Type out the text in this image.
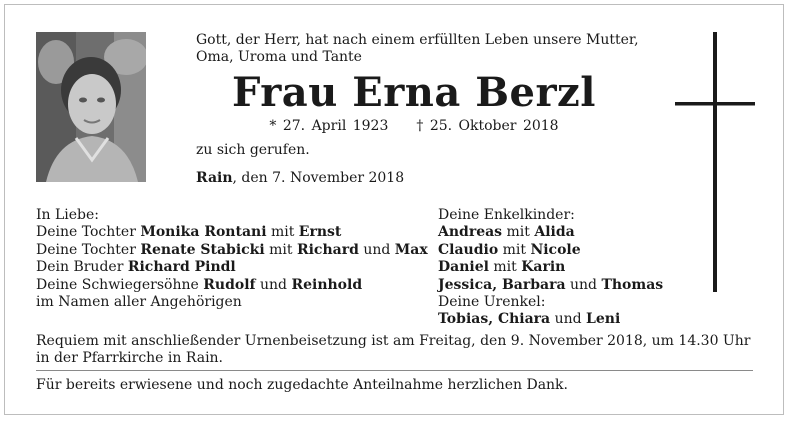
Gott, der Herr, hat nach einem erfüllten Leben unsere Mutter,
Oma, Uroma und Tante
Frau Erna Berzl
* 27. April 1923 † 25. Oktober 2018
zu sich gerufen.
Rain, den 7. November 2018
In Liebe:
Deine Tochter Monika Rontani mit Ernst
Deine Tochter Renate Stabicki mit Richard und Max
Dein Bruder Richard Pindl
Deine Schwiegersöhne Rudolf und Reinhold
im Namen aller Angehörigen
Deine Enkelkinder:
Andreas mit Alida
Claudio mit Nicole
Daniel mit Karin
Jessica, Barbara und Thomas
Deine Urenkel:
Tobias, Chiara und Leni
Requiem mit anschließender Urnenbeisetzung ist am Freitag, den 9. November 2018, um 14.30 Uhr in der Pfarrkirche in Rain.
Für bereits erwiesene und noch zugedachte Anteilnahme herzlichen Dank.
